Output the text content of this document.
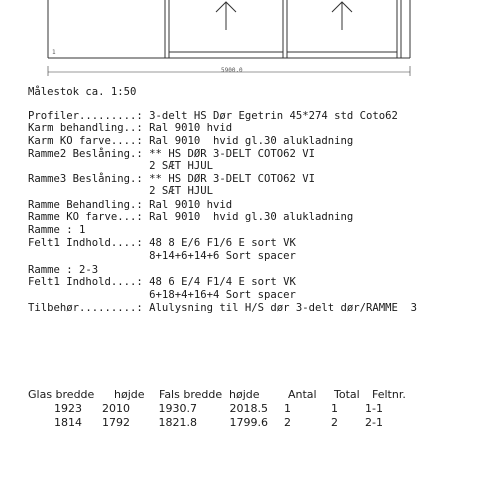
1
5900.0
Målestok ca. 1:50
Profiler.........: 3-delt HS Dør Egetrin 45*274 std Coto62
Karm behandling..: Ral 9010 hvid
Karm KO farve....: Ral 9010  hvid gl.30 alukladning
Ramme2 Beslåning.: ** HS DØR 3-DELT COTO62 VI
2 SÆT HJUL
Ramme3 Beslåning.: ** HS DØR 3-DELT COTO62 VI
2 SÆT HJUL
Ramme Behandling.: Ral 9010 hvid
Ramme KO farve...: Ral 9010  hvid gl.30 alukladning
Ramme : 1
Felt1 Indhold....: 48 8 E/6 F1/6 E sort VK
8+14+6+14+6 Sort spacer
Ramme : 2-3
Felt1 Indhold....: 48 6 E/4 F1/4 E sort VK
6+18+4+16+4 Sort spacer
Tilbehør.........: Alulysning til H/S dør 3-delt dør/RAMME  3
Glas bredde højde Fals bredde højde	Antal Total Feltnr.
1923 2010	1930.7	2018.5 1	1 1-1
1814 1792	1821.8	1799.6 2	2 2-1
